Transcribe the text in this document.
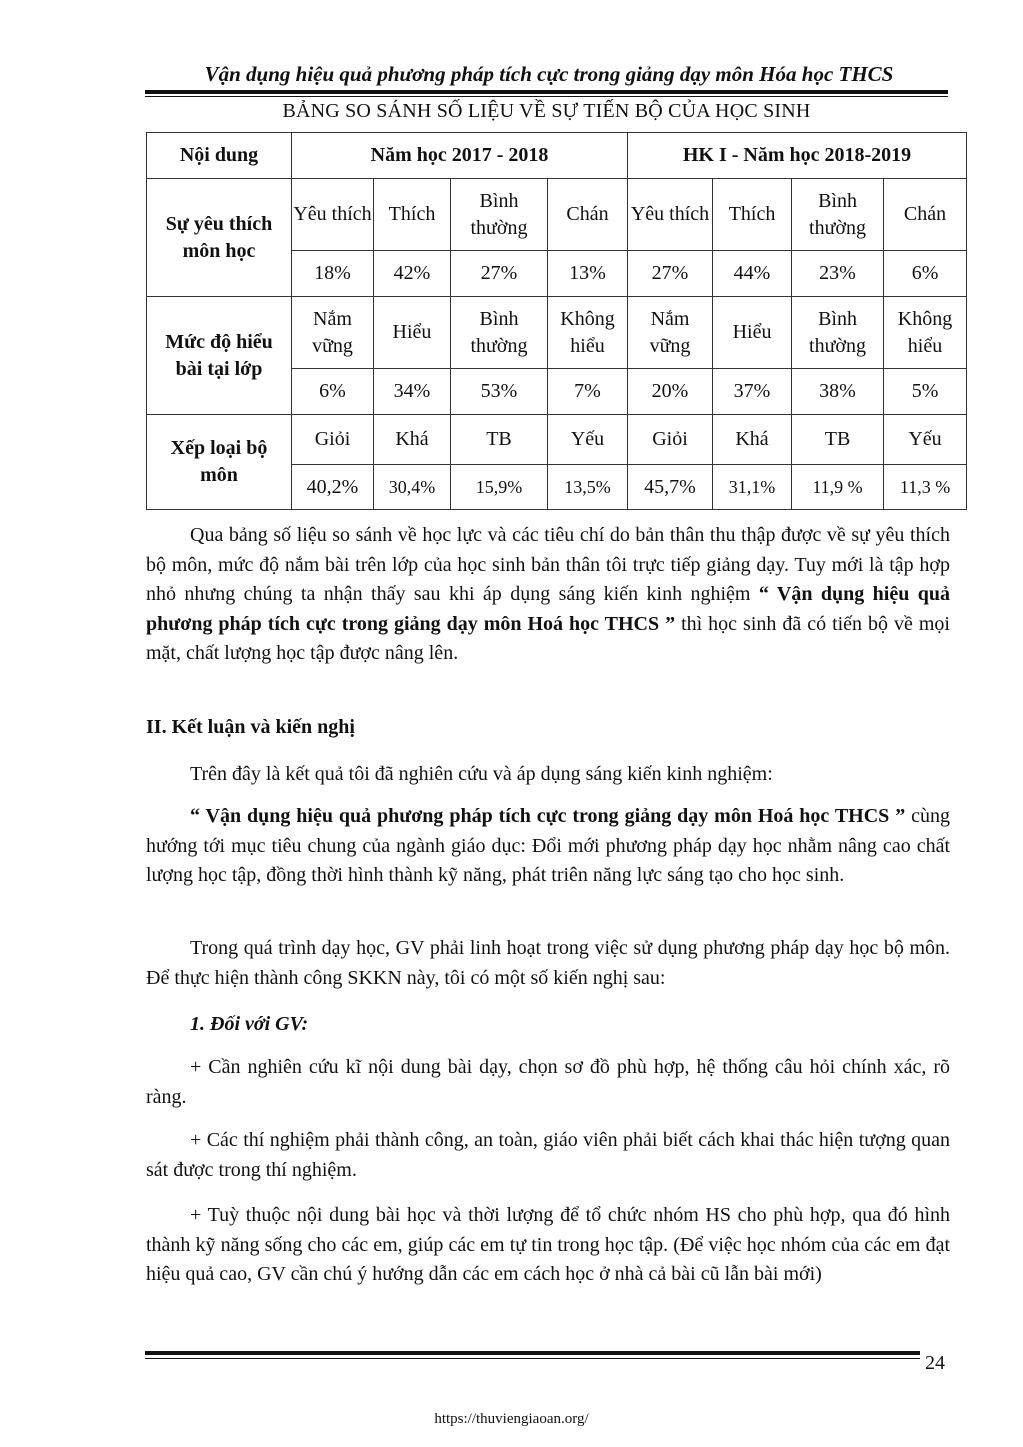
Vận dụng hiệu quả phương pháp tích cực trong giảng dạy môn Hóa học THCS
BẢNG SO SÁNH SỐ LIỆU VỀ SỰ TIẾN BỘ CỦA HỌC SINH
Nội dung	Năm học 2017 - 2018				HK I - Năm học 2018-2019			
Sự yêu thích môn học	Yêu thích	Thích	Bình thường	Chán	Yêu thích	Thích	Bình thường	Chán
	18%	42%	27%	13%	27%	44%	23%	6%
Mức độ hiểu bài tại lớp	Nắm vững	Hiểu	Bình thường	Không hiểu	Nắm vững	Hiểu	Bình thường	Không hiểu
	6%	34%	53%	7%	20%	37%	38%	5%
Xếp loại bộ môn	Giỏi	Khá	TB	Yếu	Giỏi	Khá	TB	Yếu
	40,2%	30,4%	15,9%	13,5%	45,7%	31,1%	11,9 %	11,3 %

Qua bảng số liệu so sánh về học lực và các tiêu chí do bản thân thu thập được về sự yêu thích bộ môn, mức độ nắm bài trên lớp của học sinh bản thân tôi trực tiếp giảng dạy. Tuy mới là tập hợp nhỏ nhưng chúng ta nhận thấy sau khi áp dụng sáng kiến kinh nghiệm “ Vận dụng hiệu quả phương pháp tích cực trong giảng dạy môn Hoá học THCS ” thì học sinh đã có tiến bộ về mọi mặt, chất lượng học tập được nâng lên.

II. Kết luận và kiến nghị

Trên đây là kết quả tôi đã nghiên cứu và áp dụng sáng kiến kinh nghiệm:

“ Vận dụng hiệu quả phương pháp tích cực trong giảng dạy môn Hoá học THCS ” cùng hướng tới mục tiêu chung của ngành giáo dục: Đổi mới phương pháp dạy học nhằm nâng cao chất lượng học tập, đồng thời hình thành kỹ năng, phát triên năng lực sáng tạo cho học sinh.

Trong quá trình dạy học, GV phải linh hoạt trong việc sử dụng phương pháp dạy học bộ môn. Để thực hiện thành công SKKN này, tôi có một số kiến nghị sau:

1. Đối với GV:

+ Cần nghiên cứu kĩ nội dung bài dạy, chọn sơ đồ phù hợp, hệ thống câu hỏi chính xác, rõ ràng.

+ Các thí nghiệm phải thành công, an toàn, giáo viên phải biết cách khai thác hiện tượng quan sát được trong thí nghiệm.

+ Tuỳ thuộc nội dung bài học và thời lượng để tổ chức nhóm HS cho phù hợp, qua đó hình thành kỹ năng sống cho các em, giúp các em tự tin trong học tập. (Để việc học nhóm của các em đạt hiệu quả cao, GV cần chú ý hướng dẫn các em cách học ở nhà cả bài cũ lẫn bài mới)

24
https://thuviengiaoan.org/
